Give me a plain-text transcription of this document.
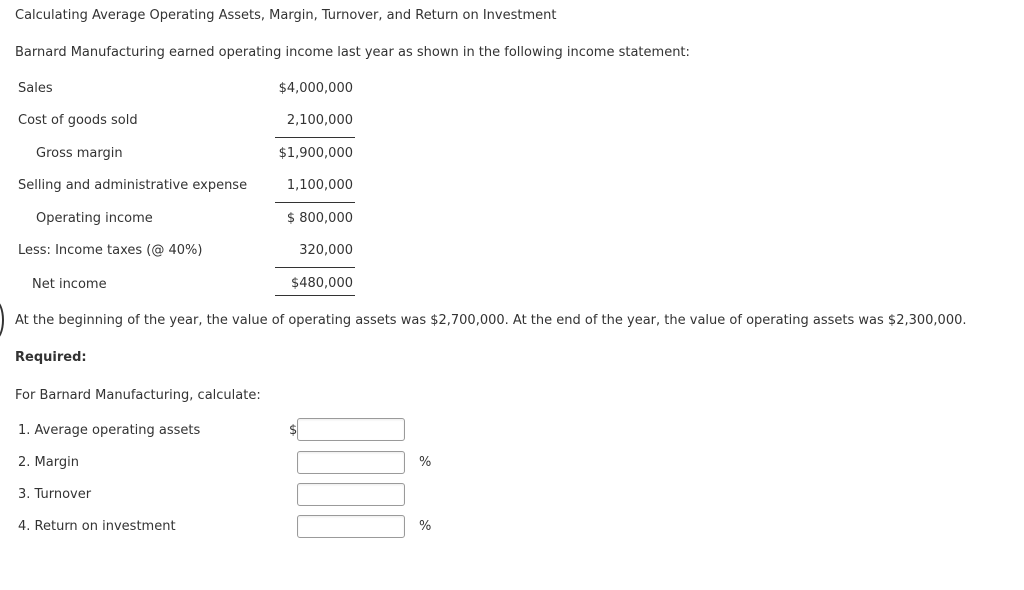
Calculating Average Operating Assets, Margin, Turnover, and Return on Investment
Barnard Manufacturing earned operating income last year as shown in the following income statement:
Sales	$4,000,000
Cost of goods sold	2,100,000
Gross margin	$1,900,000
Selling and administrative expense	1,100,000
Operating income	$ 800,000
Less: Income taxes (@ 40%)	320,000
Net income	$480,000
At the beginning of the year, the value of operating assets was $2,700,000. At the end of the year, the value of operating assets was $2,300,000.
Required:
For Barnard Manufacturing, calculate:
1. Average operating assets	$
2. Margin	%
3. Turnover
4. Return on investment	%
